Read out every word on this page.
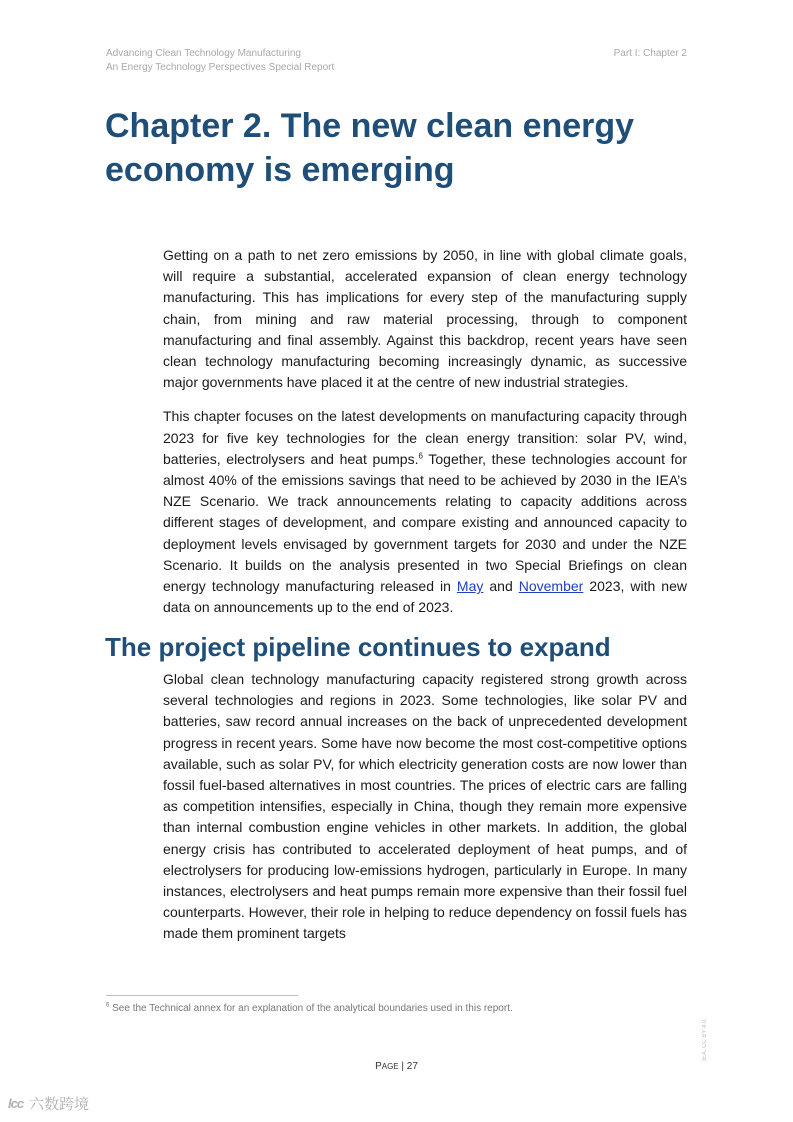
Advancing Clean Technology Manufacturing
An Energy Technology Perspectives Special Report
Part I: Chapter 2
Chapter 2. The new clean energy economy is emerging

Getting on a path to net zero emissions by 2050, in line with global climate goals, will require a substantial, accelerated expansion of clean energy technology manufacturing. This has implications for every step of the manufacturing supply chain, from mining and raw material processing, through to component manufacturing and final assembly. Against this backdrop, recent years have seen clean technology manufacturing becoming increasingly dynamic, as successive major governments have placed it at the centre of new industrial strategies.

This chapter focuses on the latest developments on manufacturing capacity through 2023 for five key technologies for the clean energy transition: solar PV, wind, batteries, electrolysers and heat pumps.$^6$ Together, these technologies account for almost 40% of the emissions savings that need to be achieved by 2030 in the IEA’s NZE Scenario. We track announcements relating to capacity additions across different stages of development, and compare existing and announced capacity to deployment levels envisaged by government targets for 2030 and under the NZE Scenario. It builds on the analysis presented in two Special Briefings on clean energy technology manufacturing released in May and November 2023, with new data on announcements up to the end of 2023.

The project pipeline continues to expand

Global clean technology manufacturing capacity registered strong growth across several technologies and regions in 2023. Some technologies, like solar PV and batteries, saw record annual increases on the back of unprecedented development progress in recent years. Some have now become the most cost-competitive options available, such as solar PV, for which electricity generation costs are now lower than fossil fuel-based alternatives in most countries. The prices of electric cars are falling as competition intensifies, especially in China, though they remain more expensive than internal combustion engine vehicles in other markets. In addition, the global energy crisis has contributed to accelerated deployment of heat pumps, and of electrolysers for producing low-emissions hydrogen, particularly in Europe. In many instances, electrolysers and heat pumps remain more expensive than their fossil fuel counterparts. However, their role in helping to reduce dependency on fossil fuels has made them prominent targets

$^6$ See the Technical annex for an explanation of the analytical boundaries used in this report.
PAGE | 27
IEA. CC BY 4.0.
lcc 六数跨境
